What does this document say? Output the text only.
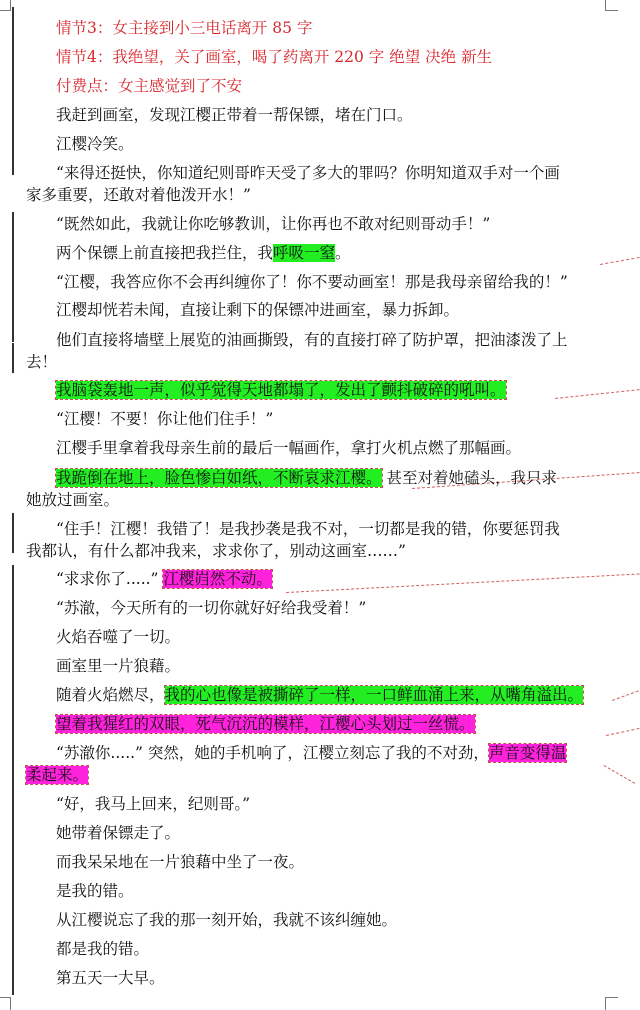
情节3：女主接到小三电话离开 85 字
情节4：我绝望，关了画室，喝了药离开 220 字 绝望 决绝 新生
付费点：女主感觉到了不安
我赶到画室，发现江樱正带着一帮保镖，堵在门口。
江樱冷笑。
“来得还挺快，你知道纪则哥昨天受了多大的罪吗？你明知道双手对一个画
家多重要，还敢对着他泼开水！”
“既然如此，我就让你吃够教训，让你再也不敢对纪则哥动手！”
两个保镖上前直接把我拦住，我呼吸一窒。
“江樱，我答应你不会再纠缠你了！你不要动画室！那是我母亲留给我的！”
江樱却恍若未闻，直接让剩下的保镖冲进画室，暴力拆卸。
他们直接将墙壁上展览的油画撕毁，有的直接打碎了防护罩，把油漆泼了上
去！
我脑袋轰地一声，似乎觉得天地都塌了，发出了颤抖破碎的吼叫。
“江樱！不要！你让他们住手！”
江樱手里拿着我母亲生前的最后一幅画作，拿打火机点燃了那幅画。
我跪倒在地上，脸色惨白如纸，不断哀求江樱。 甚至对着她磕头，我只求
她放过画室。
“住手！江樱！我错了！是我抄袭是我不对，一切都是我的错，你要惩罚我
我都认，有什么都冲我来，求求你了，别动这画室……”
“求求你了.....” 江樱岿然不动。
“苏澈，今天所有的一切你就好好给我受着！”
火焰吞噬了一切。
画室里一片狼藉。
随着火焰燃尽，我的心也像是被撕碎了一样，一口鲜血涌上来，从嘴角溢出。
望着我猩红的双眼，死气沉沉的模样，江樱心头划过一丝慌。
“苏澈你.....” 突然，她的手机响了，江樱立刻忘了我的不对劲，声音变得温
柔起来。
“好，我马上回来，纪则哥。”
她带着保镖走了。
而我呆呆地在一片狼藉中坐了一夜。
是我的错。
从江樱说忘了我的那一刻开始，我就不该纠缠她。
都是我的错。
第五天一大早。
